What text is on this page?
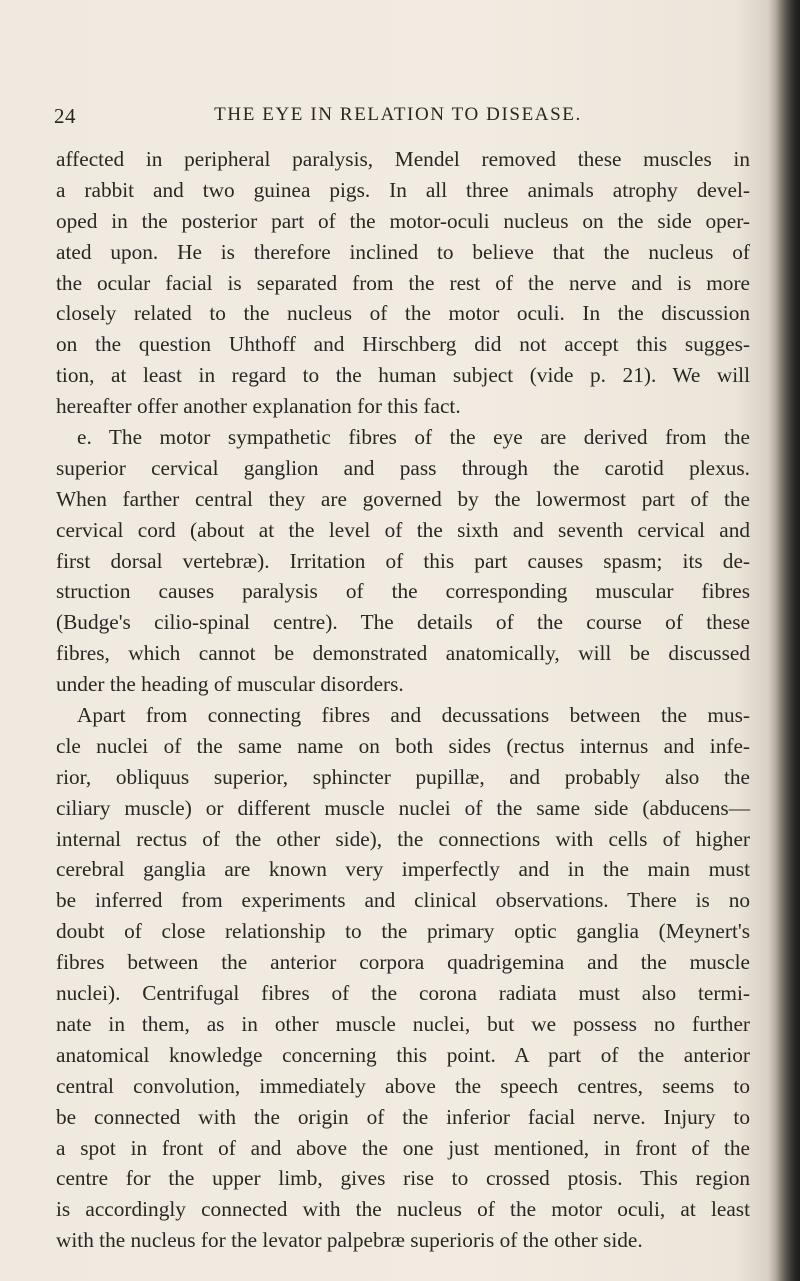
24	THE EYE IN RELATION TO DISEASE.
affected in peripheral paralysis, Mendel removed these muscles in
a rabbit and two guinea pigs. In all three animals atrophy devel-
oped in the posterior part of the motor-oculi nucleus on the side oper-
ated upon. He is therefore inclined to believe that the nucleus of
the ocular facial is separated from the rest of the nerve and is more
closely related to the nucleus of the motor oculi. In the discussion
on the question Uhthoff and Hirschberg did not accept this sugges-
tion, at least in regard to the human subject (vide p. 21). We will
hereafter offer another explanation for this fact.
e. The motor sympathetic fibres of the eye are derived from the
superior cervical ganglion and pass through the carotid plexus.
When farther central they are governed by the lowermost part of the
cervical cord (about at the level of the sixth and seventh cervical and
first dorsal vertebræ). Irritation of this part causes spasm; its de-
struction causes paralysis of the corresponding muscular fibres
(Budge's cilio-spinal centre). The details of the course of these
fibres, which cannot be demonstrated anatomically, will be discussed
under the heading of muscular disorders.
Apart from connecting fibres and decussations between the mus-
cle nuclei of the same name on both sides (rectus internus and infe-
rior, obliquus superior, sphincter pupillæ, and probably also the
ciliary muscle) or different muscle nuclei of the same side (abducens—
internal rectus of the other side), the connections with cells of higher
cerebral ganglia are known very imperfectly and in the main must
be inferred from experiments and clinical observations. There is no
doubt of close relationship to the primary optic ganglia (Meynert's
fibres between the anterior corpora quadrigemina and the muscle
nuclei). Centrifugal fibres of the corona radiata must also termi-
nate in them, as in other muscle nuclei, but we possess no further
anatomical knowledge concerning this point. A part of the anterior
central convolution, immediately above the speech centres, seems to
be connected with the origin of the inferior facial nerve. Injury to
a spot in front of and above the one just mentioned, in front of the
centre for the upper limb, gives rise to crossed ptosis. This region
is accordingly connected with the nucleus of the motor oculi, at least
with the nucleus for the levator palpebræ superioris of the other side.
